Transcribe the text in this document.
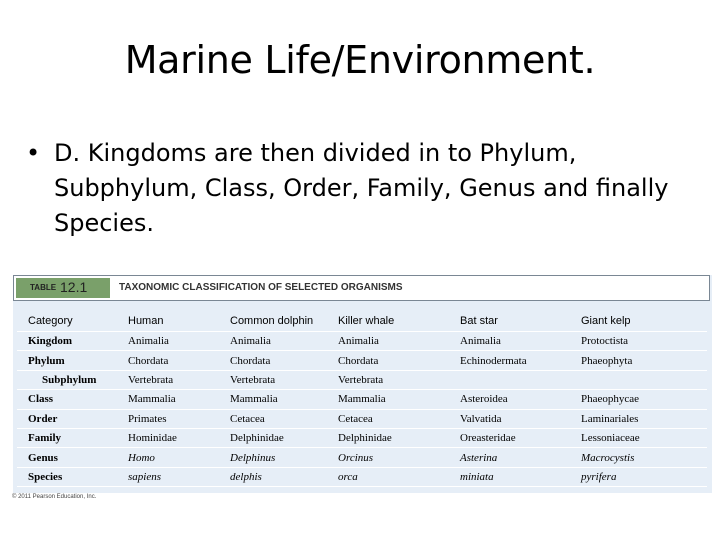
Marine Life/Environment.
• D. Kingdoms are then divided in to Phylum, Subphylum, Class, Order, Family, Genus and finally Species.
TABLE 12.1	TAXONOMIC CLASSIFICATION OF SELECTED ORGANISMS
Category	Human	Common dolphin	Killer whale	Bat star	Giant kelp
Kingdom	Animalia	Animalia	Animalia	Animalia	Protoctista
Phylum	Chordata	Chordata	Chordata	Echinodermata	Phaeophyta
Subphylum	Vertebrata	Vertebrata	Vertebrata		
Class	Mammalia	Mammalia	Mammalia	Asteroidea	Phaeophycae
Order	Primates	Cetacea	Cetacea	Valvatida	Laminariales
Family	Hominidae	Delphinidae	Delphinidae	Oreasteridae	Lessoniaceae
Genus	Homo	Delphinus	Orcinus	Asterina	Macrocystis
Species	sapiens	delphis	orca	miniata	pyrifera
© 2011 Pearson Education, Inc.
